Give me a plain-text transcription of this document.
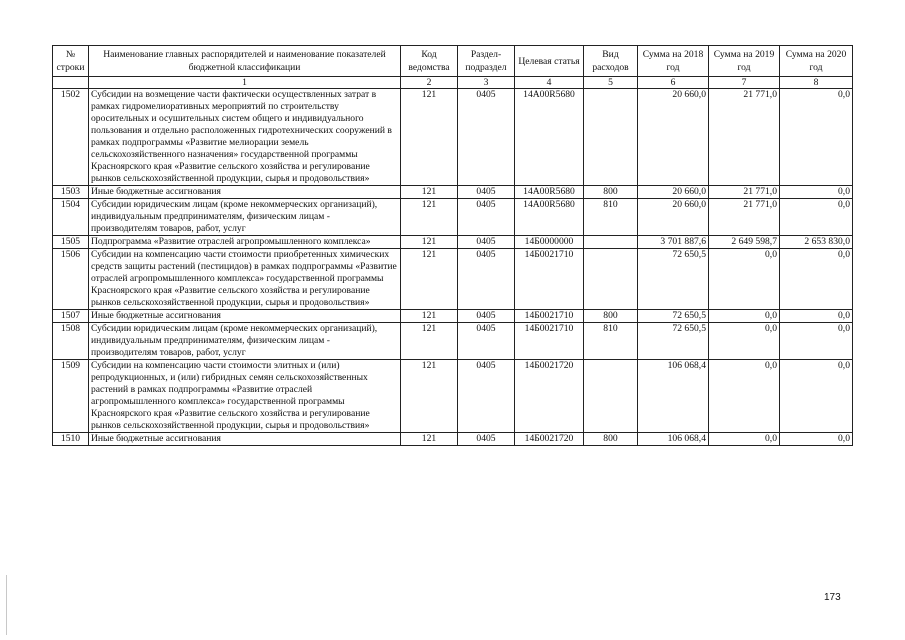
№ строки	Наименование главных распорядителей и наименование показателей бюджетной классификации	Код ведомства	Раздел-подраздел	Целевая статья	Вид расходов	Сумма на 2018 год	Сумма на 2019 год	Сумма на 2020 год
	1	2	3	4	5	6	7	8
1502	Субсидии на возмещение части фактически осуществленных затрат в рамках гидромелиоративных мероприятий по строительству оросительных и осушительных систем общего и индивидуального пользования и отдельно расположенных гидротехнических сооружений в рамках подпрограммы «Развитие мелиорации земель сельскохозяйственного назначения» государственной программы Красноярского края «Развитие сельского хозяйства и регулирование рынков сельскохозяйственной продукции, сырья и продовольствия»	121	0405	14А00R5680		20 660,0	21 771,0	0,0
1503	Иные бюджетные ассигнования	121	0405	14А00R5680	800	20 660,0	21 771,0	0,0
1504	Субсидии юридическим лицам (кроме некоммерческих организаций), индивидуальным предпринимателям, физическим лицам - производителям товаров, работ, услуг	121	0405	14А00R5680	810	20 660,0	21 771,0	0,0
1505	Подпрограмма «Развитие отраслей агропромышленного комплекса»	121	0405	14Б0000000		3 701 887,6	2 649 598,7	2 653 830,0
1506	Субсидии на компенсацию части стоимости приобретенных химических средств защиты растений (пестицидов) в рамках подпрограммы «Развитие отраслей агропромышленного комплекса» государственной программы Красноярского края «Развитие сельского хозяйства и регулирование рынков сельскохозяйственной продукции, сырья и продовольствия»	121	0405	14Б0021710		72 650,5	0,0	0,0
1507	Иные бюджетные ассигнования	121	0405	14Б0021710	800	72 650,5	0,0	0,0
1508	Субсидии юридическим лицам (кроме некоммерческих организаций), индивидуальным предпринимателям, физическим лицам - производителям товаров, работ, услуг	121	0405	14Б0021710	810	72 650,5	0,0	0,0
1509	Субсидии на компенсацию части стоимости элитных и (или) репродукционных, и (или) гибридных семян сельскохозяйственных растений в рамках подпрограммы «Развитие отраслей агропромышленного комплекса» государственной программы Красноярского края «Развитие сельского хозяйства и регулирование рынков сельскохозяйственной продукции, сырья и продовольствия»	121	0405	14Б0021720		106 068,4	0,0	0,0
1510	Иные бюджетные ассигнования	121	0405	14Б0021720	800	106 068,4	0,0	0,0
173
